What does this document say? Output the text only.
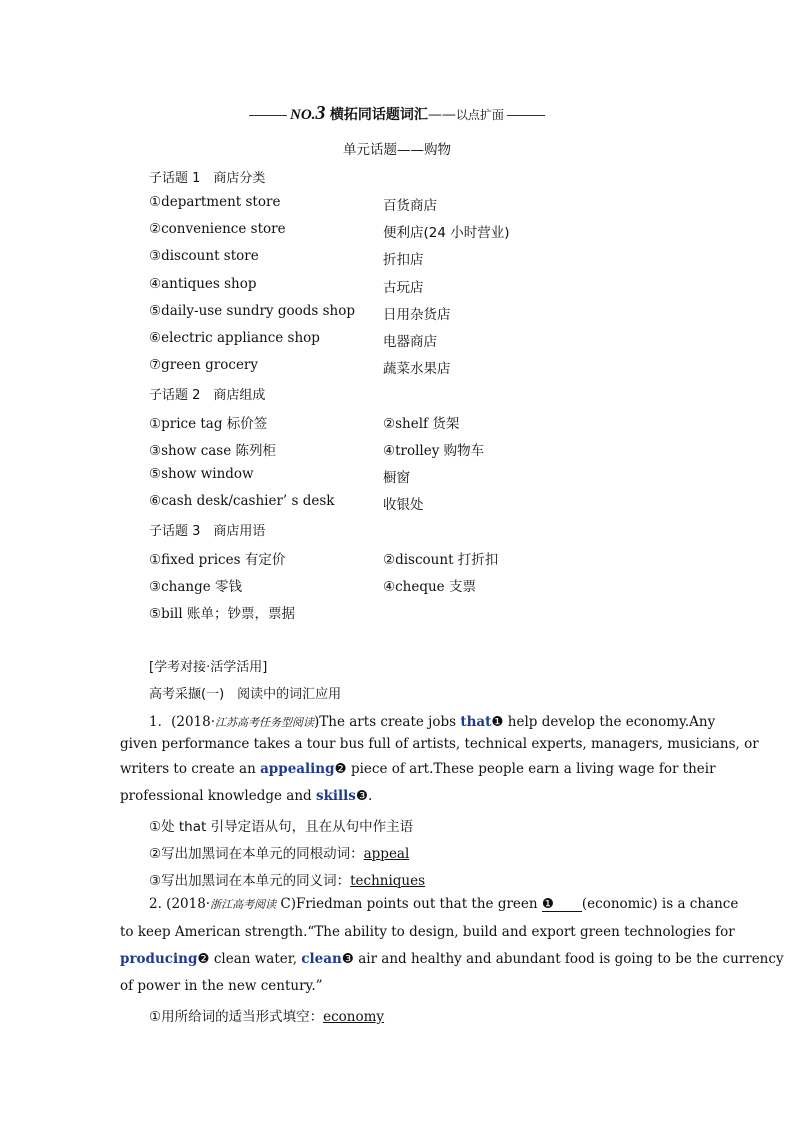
NO.3 横拓同话题词汇——以点扩面
单元话题——购物
子话题 1　商店分类
①department store	百货商店
②convenience store	便利店(24 小时营业)
③discount store	折扣店
④antiques shop	古玩店
⑤daily-use sundry goods shop 日用杂货店
⑥electric appliance shop	电器商店
⑦green grocery	蔬菜水果店
子话题 2　商店组成
①price tag 标价签	②shelf 货架
③show case 陈列柜	④trolley 购物车
⑤show window	橱窗
⑥cash desk/cashier’ s desk	收银处
子话题 3　商店用语
①fixed prices 有定价	②discount 打折扣
③change 零钱	④cheque 支票
⑤bill 账单；钞票，票据
[学考对接·活学活用]
高考采撷(一)　阅读中的词汇应用
1．(2018·江苏高考任务型阅读)The arts create jobs that❶ help develop the economy.Any
given performance takes a tour bus full of artists, technical experts, managers, musicians, or
writers to create an appealing❷ piece of art.These people earn a living wage for their
professional knowledge and skills❸.
①处 that 引导定语从句，且在从句中作主语
②写出加黑词在本单元的同根动词：appeal
③写出加黑词在本单元的同义词：techniques
2. (2018·浙江高考阅读 C)Friedman points out that the green ❶ (economic) is a chance
to keep American strength.“The ability to design, build and export green technologies for
producing❷ clean water, clean❸ air and healthy and abundant food is going to be the currency
of power in the new century.”
①用所给词的适当形式填空：economy
